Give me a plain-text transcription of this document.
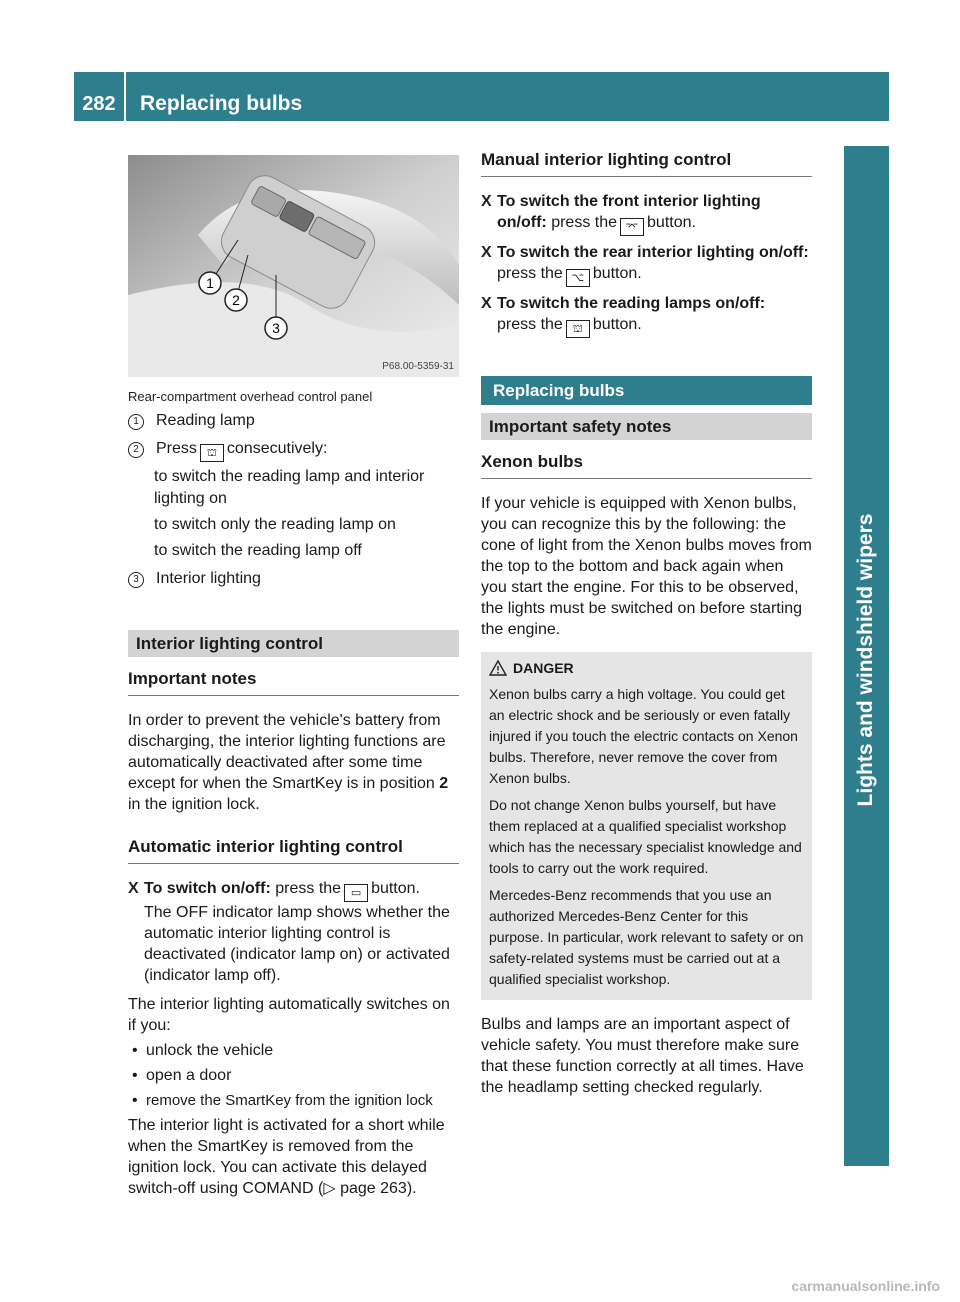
282	Replacing bulbs
Lights and windshield wipers
1
2
3
P68.00-5359-31
Rear-compartment overhead control panel
1	Reading lamp
2	Press ⛫ consecutively:
to switch the reading lamp and interior lighting on
to switch only the reading lamp on
to switch the reading lamp off
3	Interior lighting
Interior lighting control
Important notes
In order to prevent the vehicle's battery from discharging, the interior lighting functions are automatically deactivated after some time except for when the SmartKey is in position 2 in the ignition lock.
Automatic interior lighting control
X To switch on/off: press the ▭ button.
The OFF indicator lamp shows whether the automatic interior lighting control is deactivated (indicator lamp on) or activated (indicator lamp off).
The interior lighting automatically switches on if you:
• unlock the vehicle
• open a door
• remove the SmartKey from the ignition lock
The interior light is activated for a short while when the SmartKey is removed from the ignition lock. You can activate this delayed switch-off using COMAND (▷ page 263).
Manual interior lighting control
X To switch the front interior lighting on/off: press the ⌤ button.
X To switch the rear interior lighting on/off: press the ⌥ button.
X To switch the reading lamps on/off:
press the ⛫ button.
Replacing bulbs
Important safety notes
Xenon bulbs
If your vehicle is equipped with Xenon bulbs, you can recognize this by the following: the cone of light from the Xenon bulbs moves from the top to the bottom and back again when you start the engine. For this to be observed, the lights must be switched on before starting the engine.
DANGER
Xenon bulbs carry a high voltage. You could get an electric shock and be seriously or even fatally injured if you touch the electric contacts on Xenon bulbs. Therefore, never remove the cover from Xenon bulbs.
Do not change Xenon bulbs yourself, but have them replaced at a qualified specialist workshop which has the necessary specialist knowledge and tools to carry out the work required.
Mercedes-Benz recommends that you use an authorized Mercedes-Benz Center for this purpose. In particular, work relevant to safety or on safety-related systems must be carried out at a qualified specialist workshop.
Bulbs and lamps are an important aspect of vehicle safety. You must therefore make sure that these function correctly at all times. Have the headlamp setting checked regularly.
carmanualsonline.info
